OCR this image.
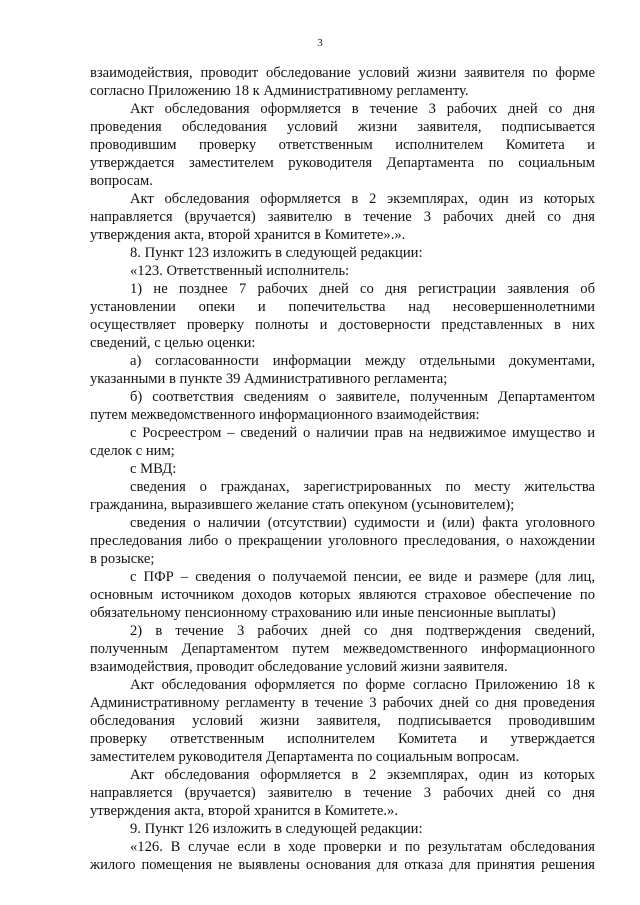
3
взаимодействия, проводит обследование условий жизни заявителя по форме
согласно Приложению 18 к Административному регламенту.
Акт обследования оформляется в течение 3 рабочих дней со дня
проведения обследования условий жизни заявителя, подписывается
проводившим проверку ответственным исполнителем Комитета и
утверждается заместителем руководителя Департамента по социальным
вопросам.
Акт обследования оформляется в 2 экземплярах, один из которых
направляется (вручается) заявителю в течение 3 рабочих дней со дня
утверждения акта, второй хранится в Комитете».».
8. Пункт 123 изложить в следующей редакции:
«123. Ответственный исполнитель:
1) не позднее 7 рабочих дней со дня регистрации заявления об
установлении опеки и попечительства над несовершеннолетними
осуществляет проверку полноты и достоверности представленных в них
сведений, с целью оценки:
а) согласованности информации между отдельными документами,
указанными в пункте 39 Административного регламента;
б) соответствия сведениям о заявителе, полученным Департаментом
путем межведомственного информационного взаимодействия:
с Росреестром – сведений о наличии прав на недвижимое имущество и
сделок с ним;
с МВД:
сведения о гражданах, зарегистрированных по месту жительства
гражданина, выразившего желание стать опекуном (усыновителем);
сведения о наличии (отсутствии) судимости и (или) факта уголовного
преследования либо о прекращении уголовного преследования, о нахождении
в розыске;
с ПФР – сведения о получаемой пенсии, ее виде и размере (для лиц,
основным источником доходов которых являются страховое обеспечение по
обязательному пенсионному страхованию или иные пенсионные выплаты)
2) в течение 3 рабочих дней со дня подтверждения сведений,
полученным Департаментом путем межведомственного информационного
взаимодействия, проводит обследование условий жизни заявителя.
Акт обследования оформляется по форме согласно Приложению 18 к
Административному регламенту в течение 3 рабочих дней со дня проведения
обследования условий жизни заявителя, подписывается проводившим
проверку ответственным исполнителем Комитета и утверждается
заместителем руководителя Департамента по социальным вопросам.
Акт обследования оформляется в 2 экземплярах, один из которых
направляется (вручается) заявителю в течение 3 рабочих дней со дня
утверждения акта, второй хранится в Комитете.».
9. Пункт 126 изложить в следующей редакции:
«126. В случае если в ходе проверки и по результатам обследования
жилого помещения не выявлены основания для отказа для принятия решения
